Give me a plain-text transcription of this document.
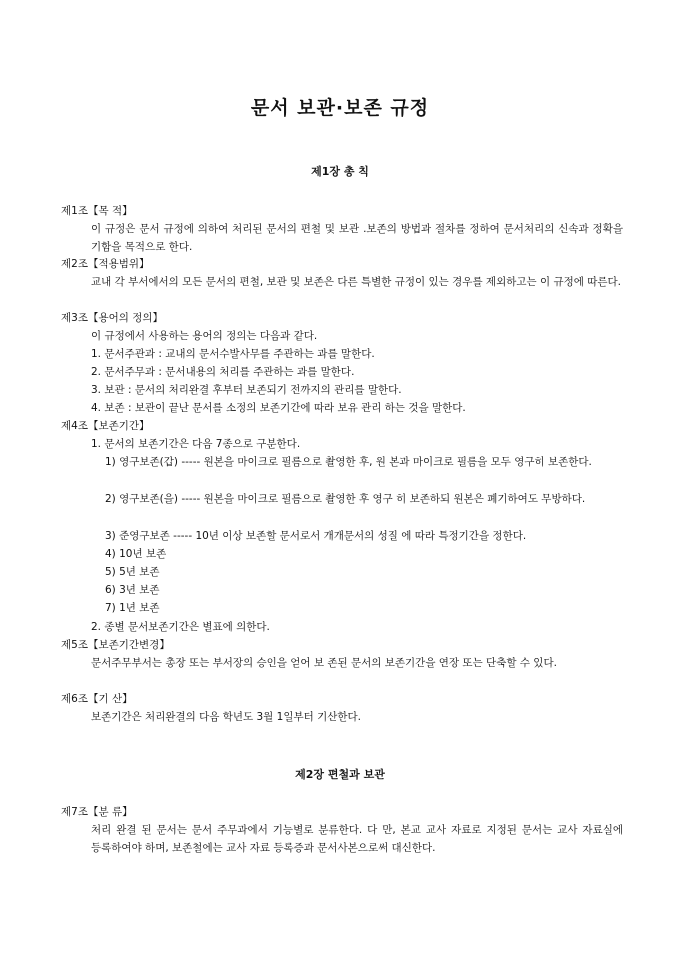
문서 보관·보존 규정
제1장 총 칙
제1조【목 적】
이 규정은 문서 규정에 의하여 처리된 문서의 편철 및 보관 .보존의 방법과 절차를 정하여 문서처리의 신속과 정확을 기함을 목적으로 한다.
제2조【적용범위】
교내 각 부서에서의 모든 문서의 편철, 보관 및 보존은 다른 특별한 규정이 있는 경우를 제외하고는 이 규정에 따른다.
제3조【용어의 정의】
이 규정에서 사용하는 용어의 정의는 다음과 같다.
1. 문서주관과 : 교내의 문서수발사무를 주관하는 과를 말한다.
2. 문서주무과 : 문서내용의 처리를 주관하는 과를 말한다.
3. 보관 : 문서의 처리완결 후부터 보존되기 전까지의 관리를 말한다.
4. 보존 : 보관이 끝난 문서를 소정의 보존기간에 따라 보유 관리 하는 것을 말한다.
제4조【보존기간】
1. 문서의 보존기간은 다음 7종으로 구분한다.
1) 영구보존(갑) ----- 원본을 마이크로 필름으로 촬영한 후, 원 본과 마이크로 필름을 모두 영구히 보존한다.
2) 영구보존(을) ----- 원본을 마이크로 필름으로 촬영한 후 영구 히 보존하되 원본은 폐기하여도 무방하다.
3) 준영구보존 ----- 10년 이상 보존할 문서로서 개개문서의 성질 에 따라 특정기간을 정한다.
4) 10년 보존
5) 5년 보존
6) 3년 보존
7) 1년 보존
2. 종별 문서보존기간은 별표에 의한다.
제5조【보존기간변경】
문서주무부서는 총장 또는 부서장의 승인을 얻어 보 존된 문서의 보존기간을 연장 또는 단축할 수 있다.
제6조【기 산】
보존기간은 처리완결의 다음 학년도 3월 1일부터 기산한다.
제2장 편철과 보관
제7조【분 류】
처리 완결 된 문서는 문서 주무과에서 기능별로 분류한다. 다 만, 본교 교사 자료로 지정된 문서는 교사 자료실에 등록하여야 하며, 보존철에는 교사 자료 등록증과 문서사본으로써 대신한다.
